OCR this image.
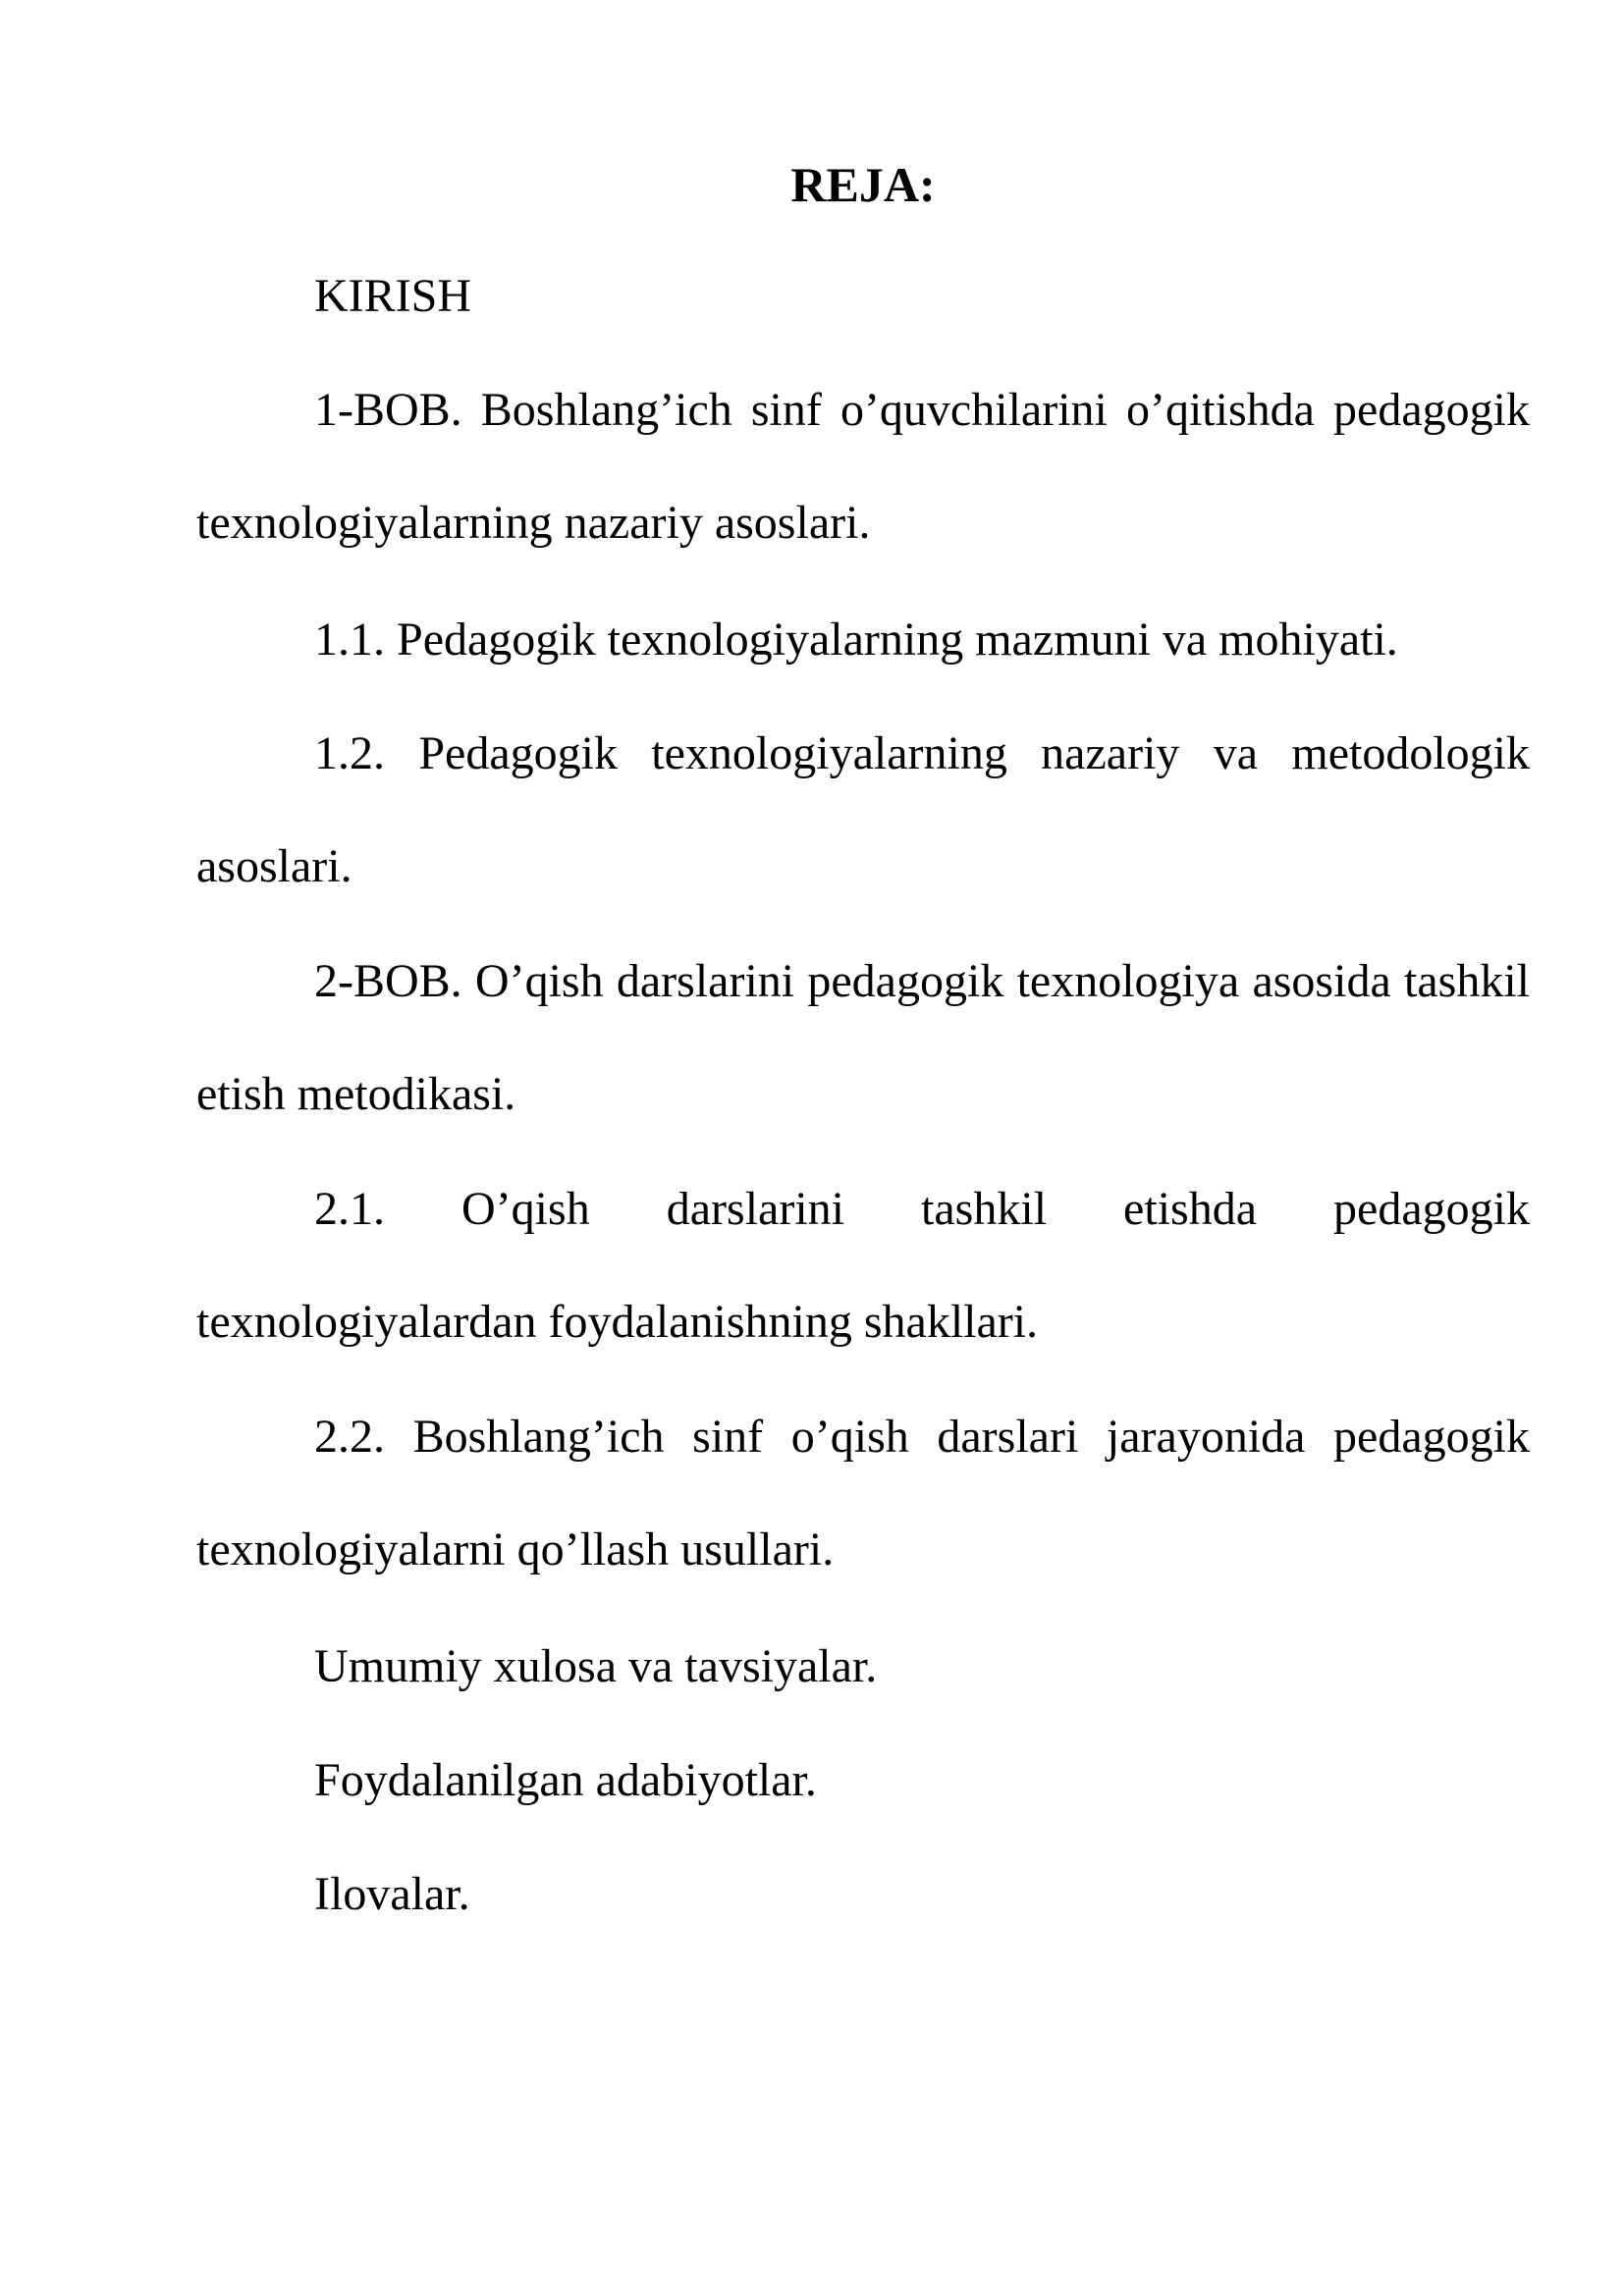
REJA:
KIRISH
1-BOB. Boshlang’ich sinf o’quvchilarini o’qitishda pedagogik texnologiyalarning nazariy asoslari.
1.1. Pedagogik texnologiyalarning mazmuni va mohiyati.
1.2. Pedagogik texnologiyalarning nazariy va metodologik asoslari.
2-BOB. O’qish darslarini pedagogik texnologiya asosida tashkil etish metodikasi.
2.1. O’qish darslarini tashkil etishda pedagogik texnologiyalardan foydalanishning shakllari.
2.2. Boshlang’ich sinf o’qish darslari jarayonida pedagogik texnologiyalarni qo’llash usullari.
Umumiy xulosa va tavsiyalar.
Foydalanilgan adabiyotlar.
Ilovalar.
